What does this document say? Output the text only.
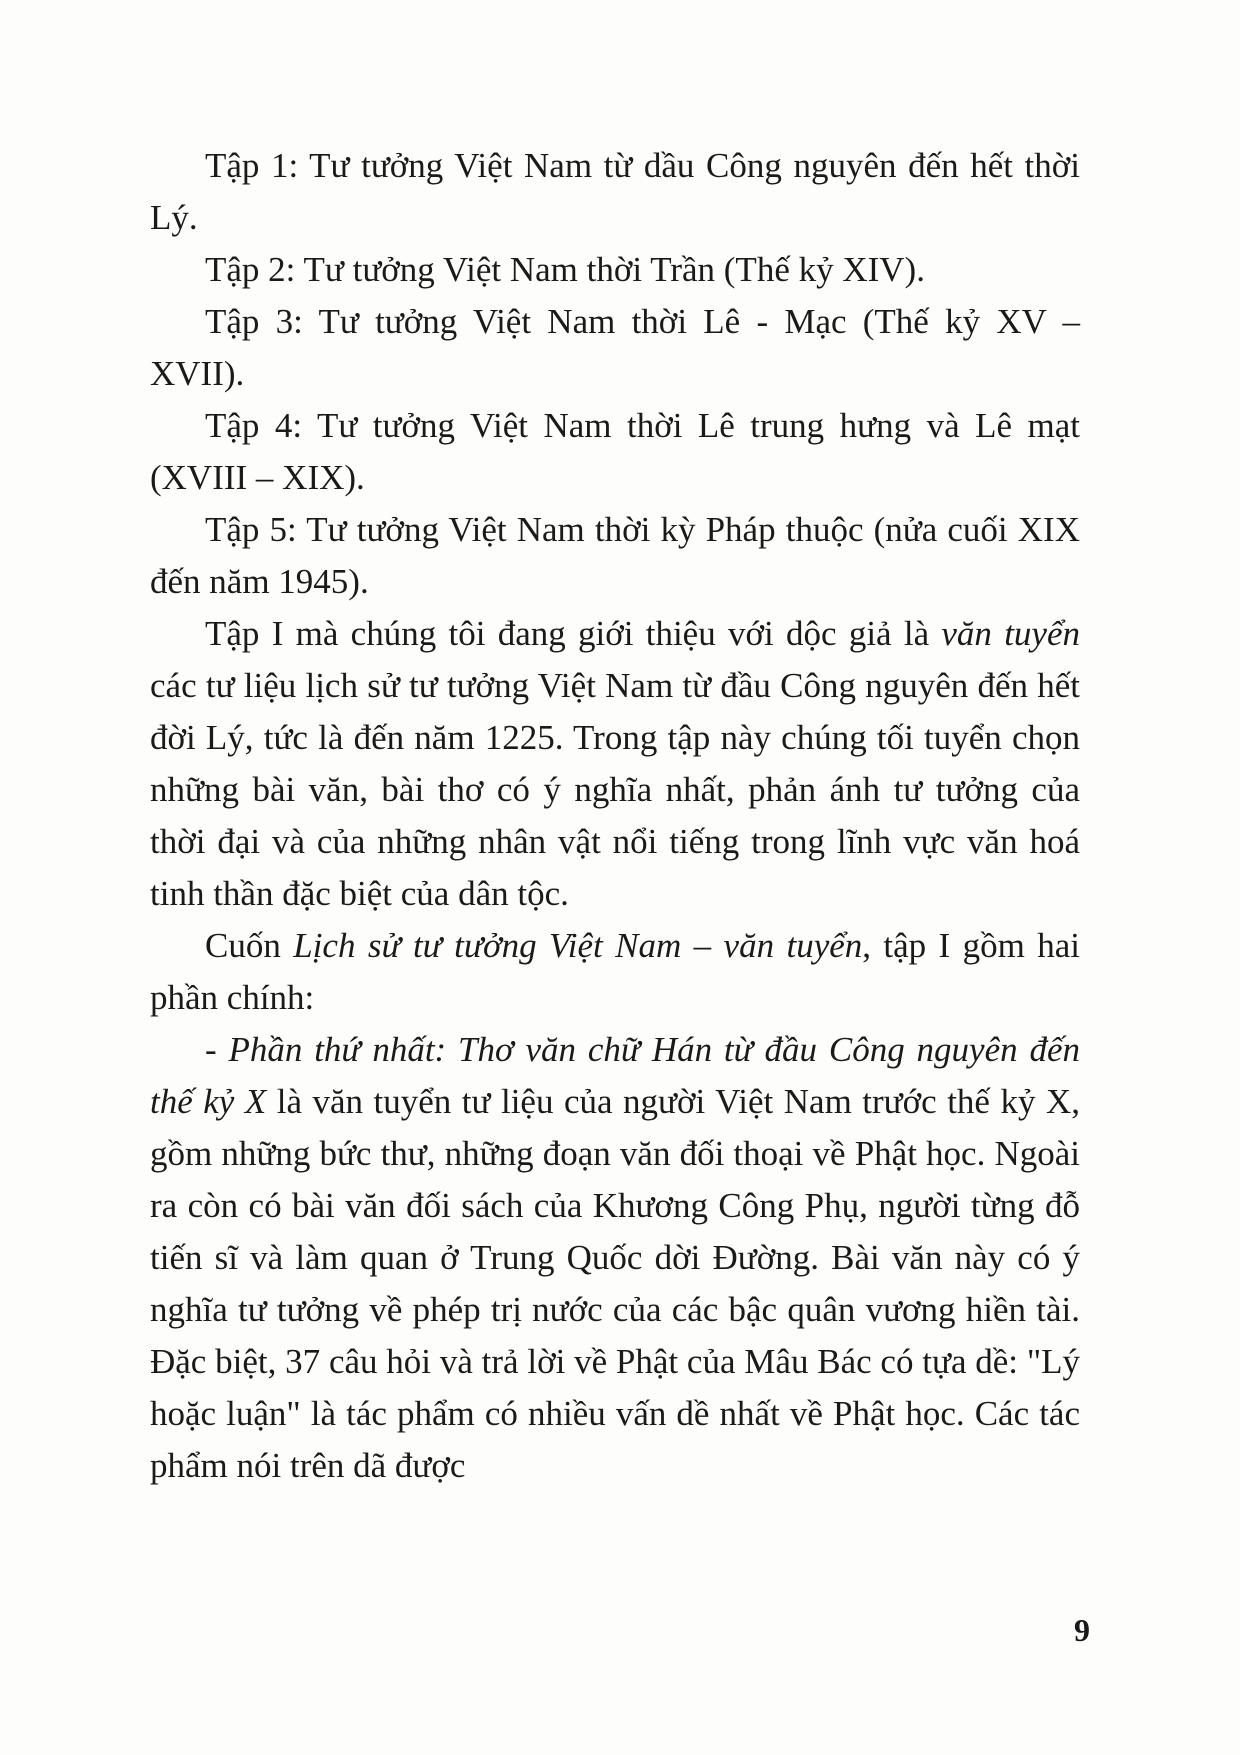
Tập 1: Tư tưởng Việt Nam từ dầu Công nguyên đến hết thời Lý.

Tập 2: Tư tưởng Việt Nam thời Trần (Thế kỷ XIV).

Tập 3: Tư tưởng Việt Nam thời Lê - Mạc (Thế kỷ XV – XVII).

Tập 4: Tư tưởng Việt Nam thời Lê trung hưng và Lê mạt (XVIII – XIX).

Tập 5: Tư tưởng Việt Nam thời kỳ Pháp thuộc (nửa cuối XIX đến năm 1945).

Tập I mà chúng tôi đang giới thiệu với dộc giả là văn tuyển các tư liệu lịch sử tư tưởng Việt Nam từ đầu Công nguyên đến hết đời Lý, tức là đến năm 1225. Trong tập này chúng tối tuyển chọn những bài văn, bài thơ có ý nghĩa nhất, phản ánh tư tưởng của thời đại và của những nhân vật nổi tiếng trong lĩnh vực văn hoá tinh thần đặc biệt của dân tộc.

Cuốn Lịch sử tư tưởng Việt Nam – văn tuyển, tập I gồm hai phần chính:

- Phần thứ nhất: Thơ văn chữ Hán từ đầu Công nguyên đến thế kỷ X là văn tuyển tư liệu của người Việt Nam trước thế kỷ X, gồm những bức thư, những đoạn văn đối thoại về Phật học. Ngoài ra còn có bài văn đối sách của Khương Công Phụ, người từng đỗ tiến sĩ và làm quan ở Trung Quốc dời Đường. Bài văn này có ý nghĩa tư tưởng về phép trị nước của các bậc quân vương hiền tài. Đặc biệt, 37 câu hỏi và trả lời về Phật của Mâu Bác có tựa dề: "Lý hoặc luận" là tác phẩm có nhiều vấn dề nhất về Phật học. Các tác phẩm nói trên dã được

9
